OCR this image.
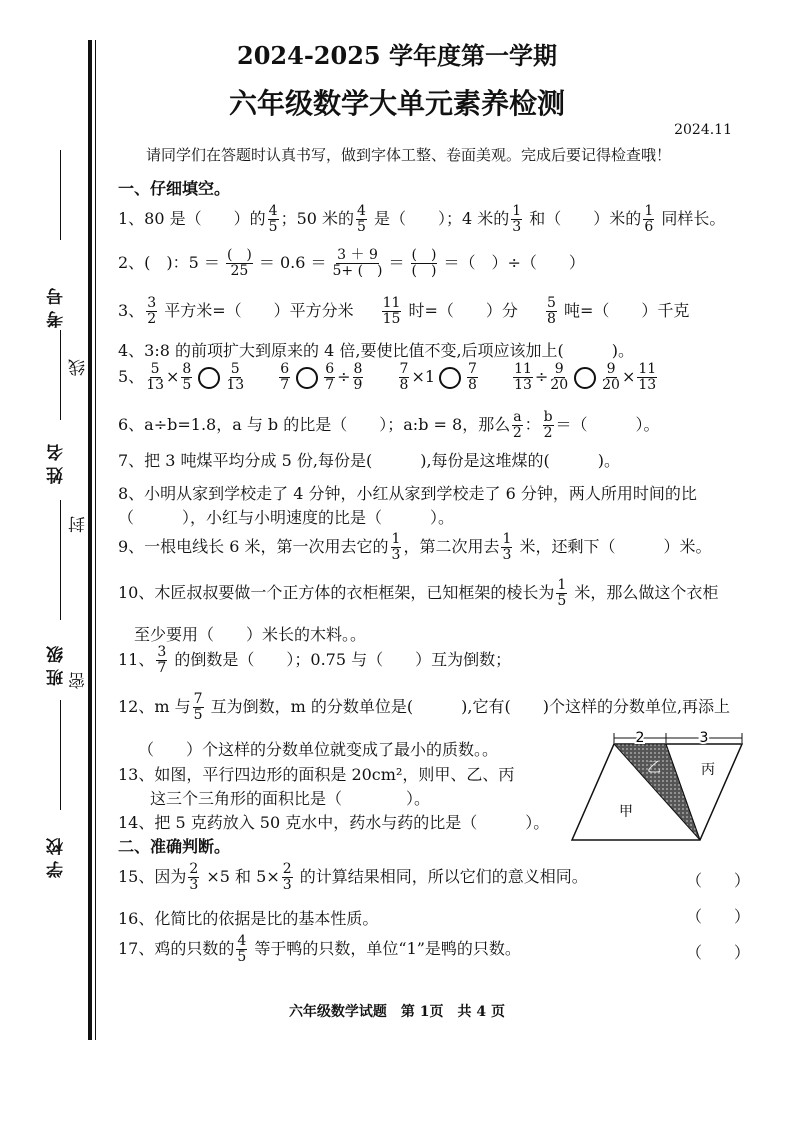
考号
姓名
班级
学校
线
封
密
2024-2025 学年度第一学期
六年级数学大单元素养检测
2024.11
请同学们在答题时认真书写，做到字体工整、卷面美观。完成后要记得检查哦！
一、仔细填空。
1、80 是（　　）的 $\frac{4}{5}$ ；50 米的 $\frac{4}{5}$ 是（　　）；4 米的 $\frac{1}{3}$ 和（　　）米的 $\frac{1}{6}$ 同样长。
2、(　)：$5 = \frac{( )}{25} = 0.6 = \frac{3 + 9}{5+ ( )} = \frac{( )}{( )}$ ＝（　）÷（　　）
3、 $\frac{3}{2}$ 平方米=（　　）平方分米 $\frac{11}{15}$ 时=（　　）分 $\frac{5}{8}$ 吨=（　　）千克
4、3:8 的前项扩大到原来的 4 倍,要使比值不变,后项应该加上(　　　)。
5、 $\frac{5}{13} \times \frac{8}{5} \frac{5}{13}$
	$\frac{6}{7} \frac{6}{7} \div \frac{8}{9}$
	$\frac{7}{8} \times 1 \frac{7}{8}$
	$\frac{11}{13} \div \frac{9}{20} \frac{9}{20} \times \frac{11}{13}$
6、a÷b=1.8，a 与 b 的比是（　　）；a:b = 8，那么 $\frac{a}{2}$ ： $\frac{b}{2}$ ＝（　　　）。
7、把 3 吨煤平均分成 5 份,每份是(　　　),每份是这堆煤的(　　　)。
8、小明从家到学校走了 4 分钟，小红从家到学校走了 6 分钟，两人所用时间的比
（　　　），小红与小明速度的比是（　　　）。
9、一根电线长 6 米，第一次用去它的 $\frac{1}{3}$ ，第二次用去 $\frac{1}{3}$ 米，还剩下（　　　）米。
10、木匠叔叔要做一个正方体的衣柜框架，已知框架的棱长为 $\frac{1}{5}$ 米，那么做这个衣柜
至少要用（　　）米长的木料。。
11、 $\frac{3}{7}$ 的倒数是（　　）；0.75 与（　　）互为倒数；
12、m 与 $\frac{7}{5}$ 互为倒数，m 的分数单位是(　　　),它有(　　)个这样的分数单位,再添上
（　　）个这样的分数单位就变成了最小的质数。。
13、如图，平行四边形的面积是 20cm²，则甲、乙、丙
这三个三角形的面积比是（　　　　）。
14、把 5 克药放入 50 克水中，药水与药的比是（　　　）。
2	3
甲
乙	丙
二、准确判断。
15、因为 $\frac{2}{3} \times 5$ 和 $5\times \frac{2}{3}$ 的计算结果相同，所以它们的意义相同。	（　　）
16、化简比的依据是比的基本性质。	（　　）
17、鸡的只数的 $\frac{4}{5}$ 等于鸭的只数，单位“1”是鸭的只数。	（　　）
六年级数学试题　第 1页　共 4 页
